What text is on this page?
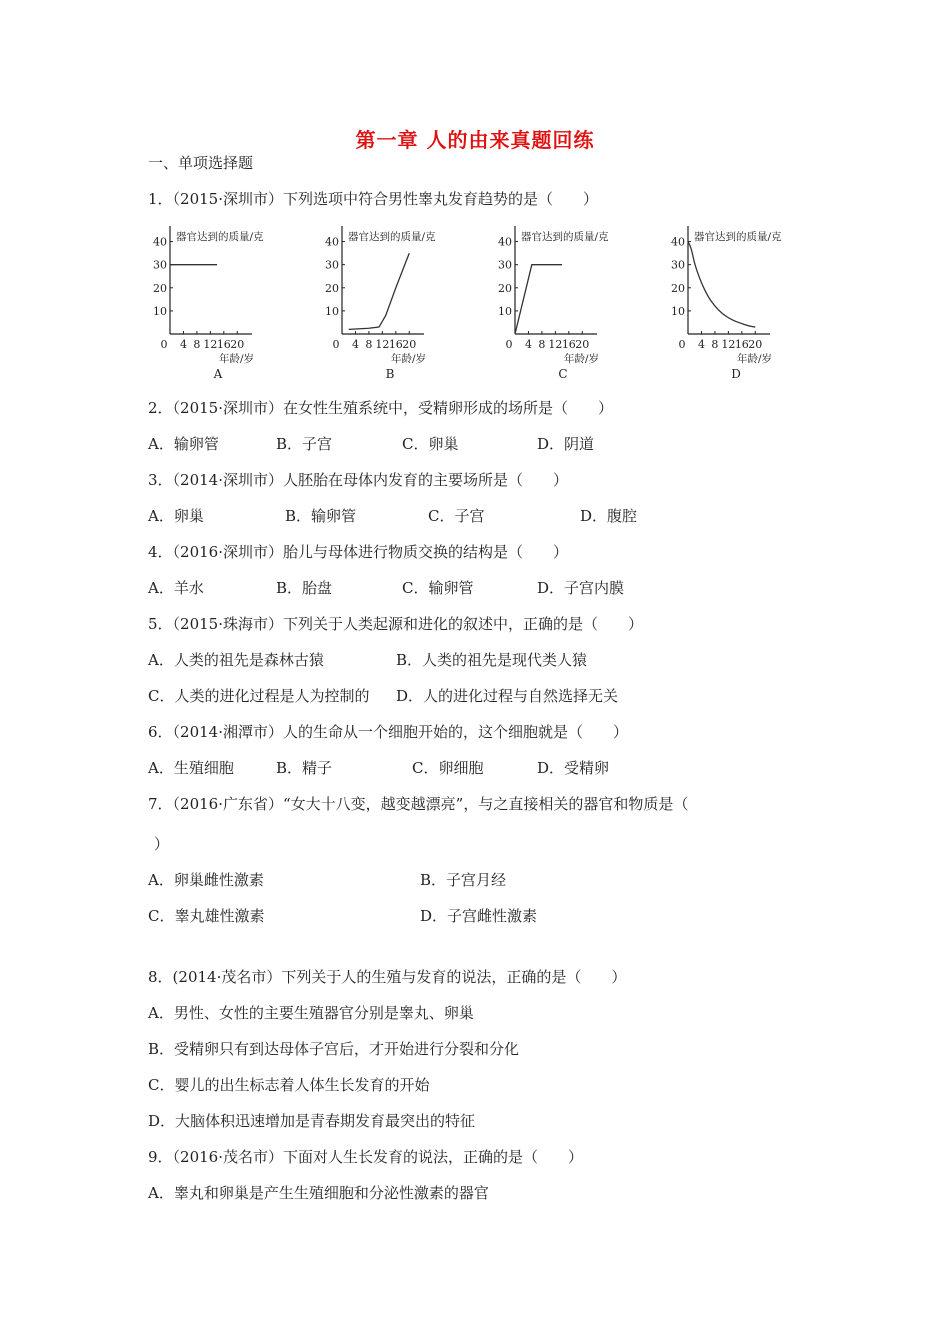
第一章 人的由来真题回练
一、单项选择题
1．（2015·深圳市）下列选项中符合男性睾丸发育趋势的是（　　）
器官达到的质量/克
10
20
30
40
0 4 8 12 16 20
年龄/岁
A
器官达到的质量/克
10
20
30
40
0 4 8 12 16 20
年龄/岁
B
器官达到的质量/克
10
20
30
40
0 4 8 12 16 20
年龄/岁
C
器官达到的质量/克
10
20
30
40
0 4 8 12 16 20
年龄/岁
D
2．（2015·深圳市）在女性生殖系统中，受精卵形成的场所是（　　）
A．输卵管	B．子宫	C．卵巢	D．阴道
3．（2014·深圳市）人胚胎在母体内发育的主要场所是（　　）
A．卵巢	B．输卵管	C．子宫	D．腹腔
4．（2016·深圳市）胎儿与母体进行物质交换的结构是（　　）
A．羊水	B．胎盘	C．输卵管	D．子宫内膜
5．（2015·珠海市）下列关于人类起源和进化的叙述中，正确的是（　　）
A．人类的祖先是森林古猿	B．人类的祖先是现代类人猿
C．人类的进化过程是人为控制的 D．人的进化过程与自然选择无关
6．（2014·湘潭市）人的生命从一个细胞开始的，这个细胞就是（　　）
A．生殖细胞	B．精子	C．卵细胞	D．受精卵
7．（2016·广东省）“女大十八变，越变越漂亮”，与之直接相关的器官和物质是（
）
A．卵巢雌性激素	B．子宫月经
C．睾丸雄性激素	D．子宫雌性激素
8．(2014·茂名市）下列关于人的生殖与发育的说法，正确的是（　　）
A．男性、女性的主要生殖器官分别是睾丸、卵巢
B．受精卵只有到达母体子宫后，才开始进行分裂和分化
C．婴儿的出生标志着人体生长发育的开始
D．大脑体积迅速增加是青春期发育最突出的特征
9．（2016·茂名市）下面对人生长发育的说法，正确的是（　　）
A．睾丸和卵巢是产生生殖细胞和分泌性激素的器官
